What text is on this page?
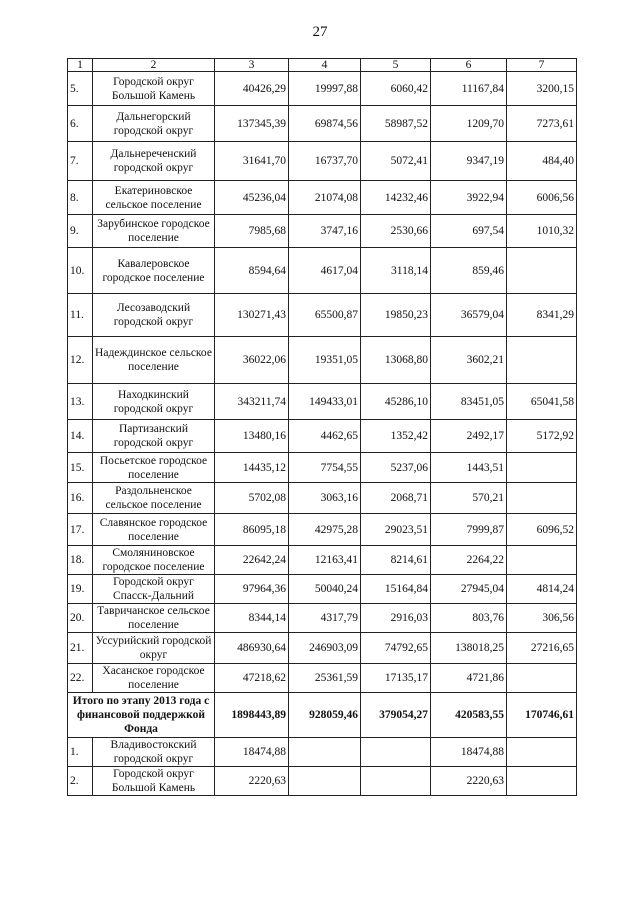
27
1	2	3	4	5	6	7
5.	Городской округ Большой Камень	40426,29	19997,88	6060,42	11167,84	3200,15
6.	Дальнегорский городской округ	137345,39	69874,56	58987,52	1209,70	7273,61
7.	Дальнереченский городской округ	31641,70	16737,70	5072,41	9347,19	484,40
8.	Екатериновское сельское поселение	45236,04	21074,08	14232,46	3922,94	6006,56
9.	Зарубинское городское поселение	7985,68	3747,16	2530,66	697,54	1010,32
10.	Кавалеровское городское поселение	8594,64	4617,04	3118,14	859,46	
11.	Лесозаводский городской округ	130271,43	65500,87	19850,23	36579,04	8341,29
12.	Надеждинское сельское поселение	36022,06	19351,05	13068,80	3602,21	
13.	Находкинский городской округ	343211,74	149433,01	45286,10	83451,05	65041,58
14.	Партизанский городской округ	13480,16	4462,65	1352,42	2492,17	5172,92
15.	Посьетское городское поселение	14435,12	7754,55	5237,06	1443,51	
16.	Раздольненское сельское поселение	5702,08	3063,16	2068,71	570,21	
17.	Славянское городское поселение	86095,18	42975,28	29023,51	7999,87	6096,52
18.	Смоляниновское городское поселение	22642,24	12163,41	8214,61	2264,22	
19.	Городской округ Спасск-Дальний	97964,36	50040,24	15164,84	27945,04	4814,24
20.	Тавричанское сельское поселение	8344,14	4317,79	2916,03	803,76	306,56
21.	Уссурийский городской округ	486930,64	246903,09	74792,65	138018,25	27216,65
22.	Хасанское городское поселение	47218,62	25361,59	17135,17	4721,86	
Итого по этапу 2013 года с финансовой поддержкой Фонда		1898443,89	928059,46	379054,27	420583,55	170746,61
1.	Владивостокский городской округ	18474,88			18474,88	
2.	Городской округ Большой Камень	2220,63			2220,63	
